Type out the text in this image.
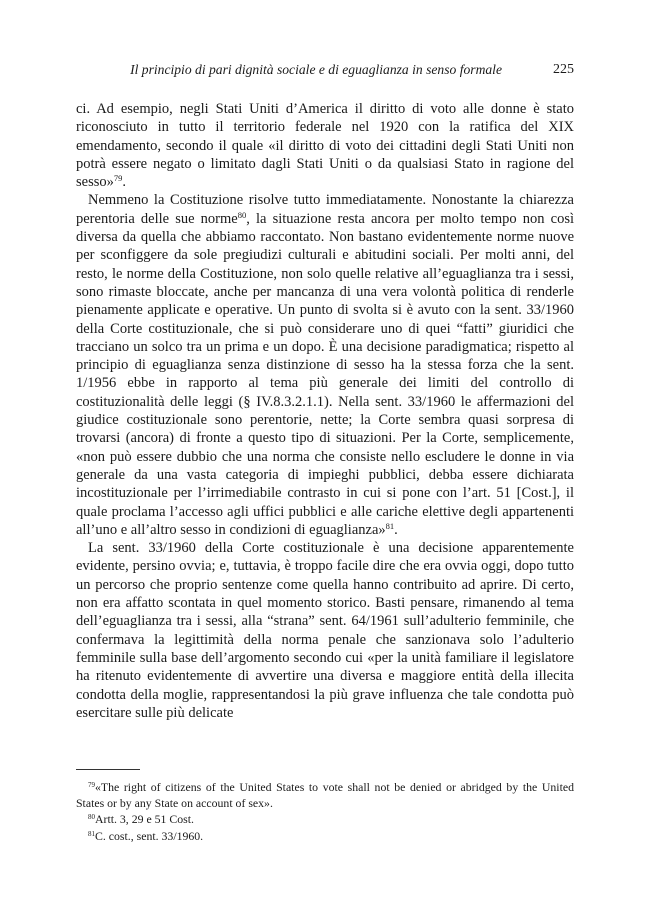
Il principio di pari dignità sociale e di eguaglianza in senso formale	225

ci. Ad esempio, negli Stati Uniti d’America il diritto di voto alle donne è stato riconosciuto in tutto il territorio federale nel 1920 con la ratifica del XIX emendamento, secondo il quale «il diritto di voto dei cittadini degli Stati Uniti non potrà essere negato o limitato dagli Stati Uniti o da qualsiasi Stato in ragione del sesso»$^{79}$.

Nemmeno la Costituzione risolve tutto immediatamente. Nonostante la chiarezza perentoria delle sue norme$^{80}$, la situazione resta ancora per molto tempo non così diversa da quella che abbiamo raccontato. Non bastano evidentemente norme nuove per sconfiggere da sole pregiudizi culturali e abitudini sociali. Per molti anni, del resto, le norme della Costituzione, non solo quelle relative all’eguaglianza tra i sessi, sono rimaste bloccate, anche per mancanza di una vera volontà politica di renderle pienamente applicate e operative. Un punto di svolta si è avuto con la sent. 33/1960 della Corte costituzionale, che si può considerare uno di quei “fatti” giuridici che tracciano un solco tra un prima e un dopo. È una decisione paradigmatica; rispetto al principio di eguaglianza senza distinzione di sesso ha la stessa forza che la sent. 1/1956 ebbe in rapporto al tema più generale dei limiti del controllo di costituzionalità delle leggi (§ IV.8.3.2.1.1). Nella sent. 33/1960 le affermazioni del giudice costituzionale sono perentorie, nette; la Corte sembra quasi sorpresa di trovarsi (ancora) di fronte a questo tipo di situazioni. Per la Corte, semplicemente, «non può essere dubbio che una norma che consiste nello escludere le donne in via generale da una vasta categoria di impieghi pubblici, debba essere dichiarata incostituzionale per l’irrimediabile contrasto in cui si pone con l’art. 51 [Cost.], il quale proclama l’accesso agli uffici pubblici e alle cariche elettive degli appartenenti all’uno e all’altro sesso in condizioni di eguaglianza»$^{81}$.

La sent. 33/1960 della Corte costituzionale è una decisione apparentemente evidente, persino ovvia; e, tuttavia, è troppo facile dire che era ovvia oggi, dopo tutto un percorso che proprio sentenze come quella hanno contribuito ad aprire. Di certo, non era affatto scontata in quel momento storico. Basti pensare, rimanendo al tema dell’eguaglianza tra i sessi, alla “strana” sent. 64/1961 sull’adulterio femminile, che confermava la legittimità della norma penale che sanzionava solo l’adulterio femminile sulla base dell’argomento secondo cui «per la unità familiare il legislatore ha ritenuto evidentemente di avvertire una diversa e maggiore entità della illecita condotta della moglie, rappresentandosi la più grave influenza che tale condotta può esercitare sulle più delicate

$^{79}$«The right of citizens of the United States to vote shall not be denied or abridged by the United States or by any State on account of sex».

$^{80}$Artt. 3, 29 e 51 Cost.

$^{81}$C. cost., sent. 33/1960.
